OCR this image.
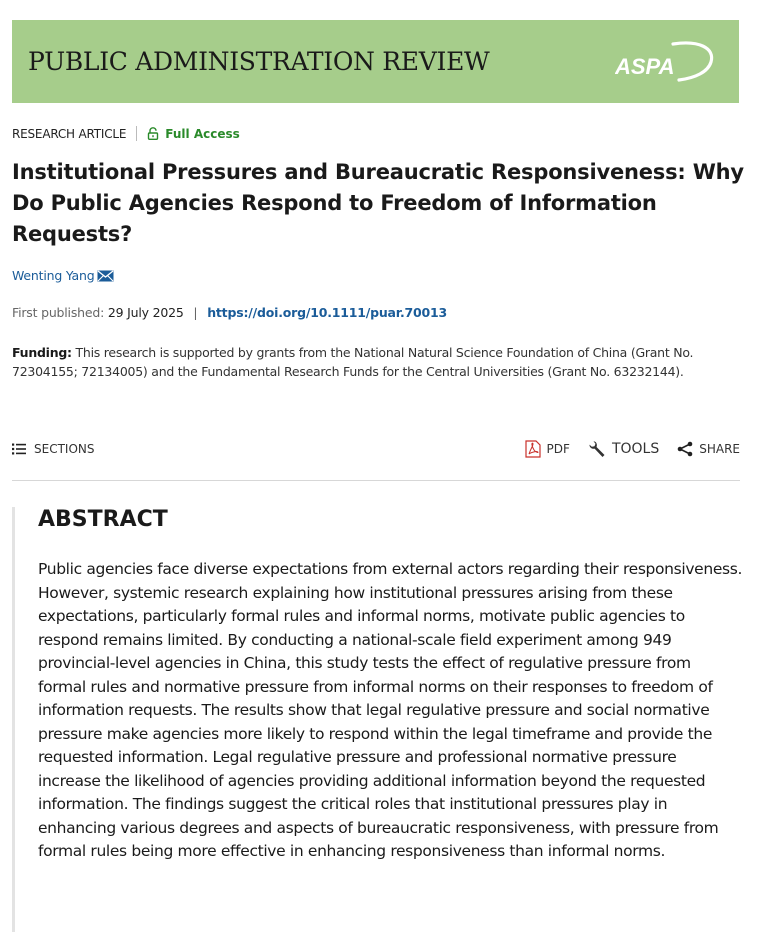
PUBLIC ADMINISTRATION REVIEW	ASPA
RESEARCH ARTICLE	Full Access
Institutional Pressures and Bureaucratic Responsiveness: Why Do Public Agencies Respond to Freedom of Information Requests?
Wenting Yang
First published: 29 July 2025 | https://doi.org/10.1111/puar.70013

Funding: This research is supported by grants from the National Natural Science Foundation of China (Grant No. 72304155; 72134005) and the Fundamental Research Funds for the Central Universities (Grant No. 63232144).

SECTIONS	PDF	TOOLS	SHARE
ABSTRACT

Public agencies face diverse expectations from external actors regarding their responsiveness. However, systemic research explaining how institutional pressures arising from these expectations, particularly formal rules and informal norms, motivate public agencies to respond remains limited. By conducting a national-scale field experiment among 949 provincial-level agencies in China, this study tests the effect of regulative pressure from formal rules and normative pressure from informal norms on their responses to freedom of information requests. The results show that legal regulative pressure and social normative pressure make agencies more likely to respond within the legal timeframe and provide the requested information. Legal regulative pressure and professional normative pressure increase the likelihood of agencies providing additional information beyond the requested information. The findings suggest the critical roles that institutional pressures play in enhancing various degrees and aspects of bureaucratic responsiveness, with pressure from formal rules being more effective in enhancing responsiveness than informal norms.
